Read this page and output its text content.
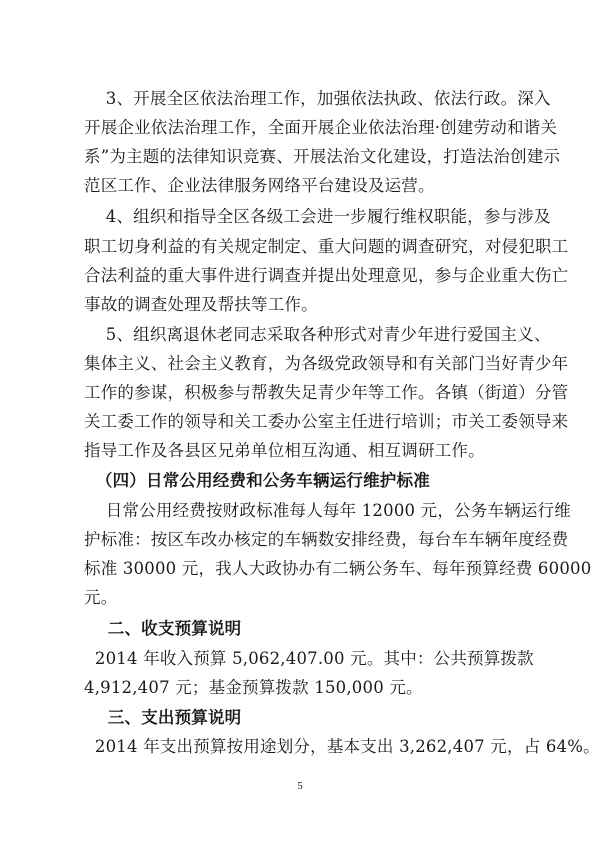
3、开展全区依法治理工作，加强依法执政、依法行政。深入
开展企业依法治理工作，全面开展企业依法治理·创建劳动和谐关
系”为主题的法律知识竞赛、开展法治文化建设，打造法治创建示
范区工作、企业法律服务网络平台建设及运营。
4、组织和指导全区各级工会进一步履行维权职能，参与涉及
职工切身利益的有关规定制定、重大问题的调查研究，对侵犯职工
合法利益的重大事件进行调查并提出处理意见，参与企业重大伤亡
事故的调查处理及帮扶等工作。
5、组织离退休老同志采取各种形式对青少年进行爱国主义、
集体主义、社会主义教育，为各级党政领导和有关部门当好青少年
工作的参谋，积极参与帮教失足青少年等工作。各镇（街道）分管
关工委工作的领导和关工委办公室主任进行培训；市关工委领导来
指导工作及各县区兄弟单位相互沟通、相互调研工作。
（四）日常公用经费和公务车辆运行维护标准
日常公用经费按财政标准每人每年 12000 元，公务车辆运行维
护标准：按区车改办核定的车辆数安排经费，每台车车辆年度经费
标准 30000 元，我人大政协办有二辆公务车、每年预算经费 60000
元。
二、收支预算说明
2014 年收入预算 5,062,407.00 元。其中：公共预算拨款
4,912,407 元；基金预算拨款 150,000 元。
三、支出预算说明
2014 年支出预算按用途划分，基本支出 3,262,407 元，占 64%。
5
